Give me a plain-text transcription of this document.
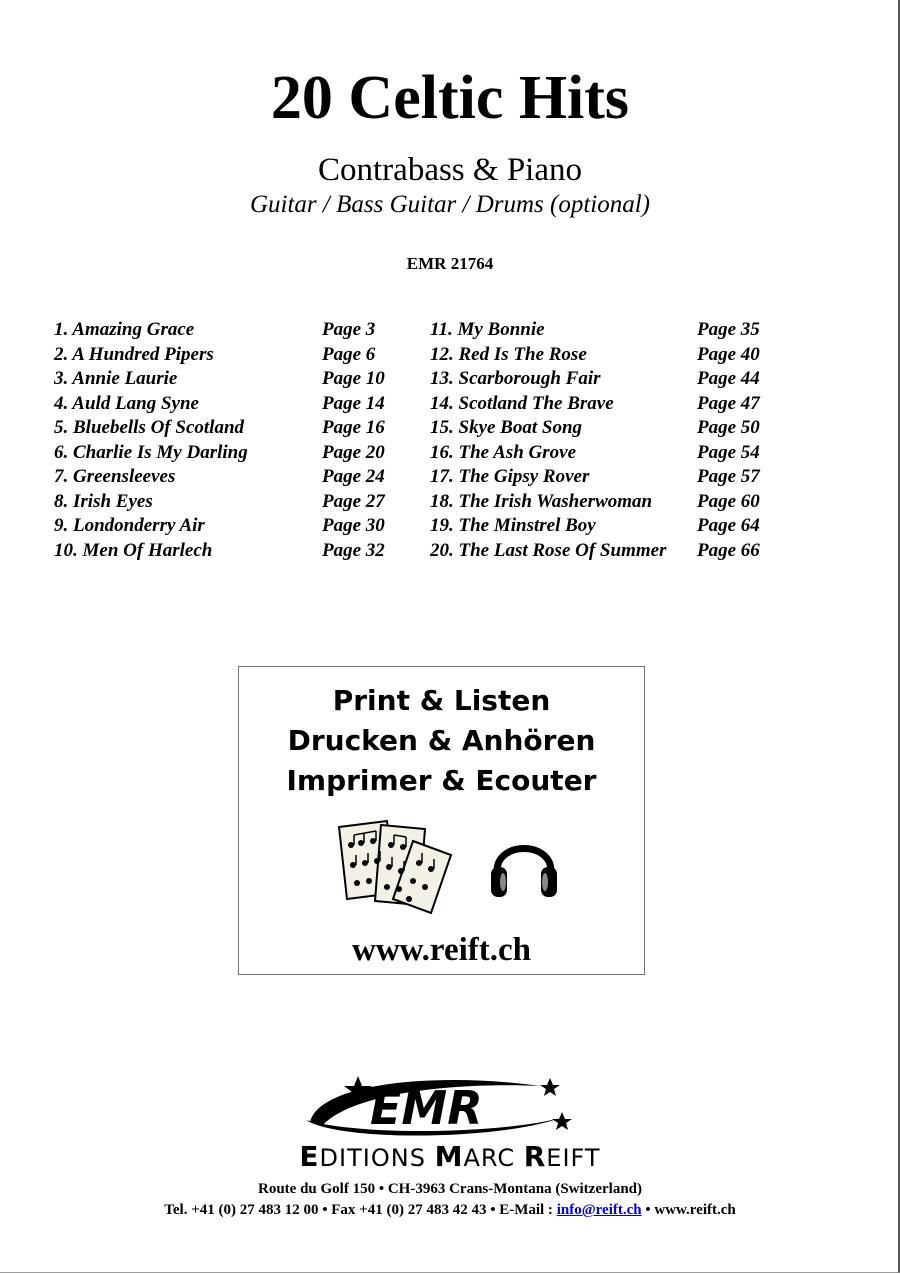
20 Celtic Hits
Contrabass & Piano
Guitar / Bass Guitar / Drums (optional)
EMR 21764
1. Amazing Grace	Page 3
2. A Hundred Pipers	Page 6
3. Annie Laurie	Page 10
4. Auld Lang Syne	Page 14
5. Bluebells Of Scotland	Page 16
6. Charlie Is My Darling	Page 20
7. Greensleeves	Page 24
8. Irish Eyes	Page 27
9. Londonderry Air	Page 30
10. Men Of Harlech	Page 32
11. My Bonnie	Page 35
12. Red Is The Rose	Page 40
13. Scarborough Fair	Page 44
14. Scotland The Brave	Page 47
15. Skye Boat Song	Page 50
16. The Ash Grove	Page 54
17. The Gipsy Rover	Page 57
18. The Irish Washerwoman Page 60
19. The Minstrel Boy	Page 64
20. The Last Rose Of Summer Page 66
Print & Listen
Drucken & Anhören
Imprimer & Ecouter
www.reift.ch
EMR
EDITIONS MARC REIFT
Route du Golf 150 • CH-3963 Crans-Montana (Switzerland)
Tel. +41 (0) 27 483 12 00 • Fax +41 (0) 27 483 42 43 • E-Mail : info@reift.ch • www.reift.ch
